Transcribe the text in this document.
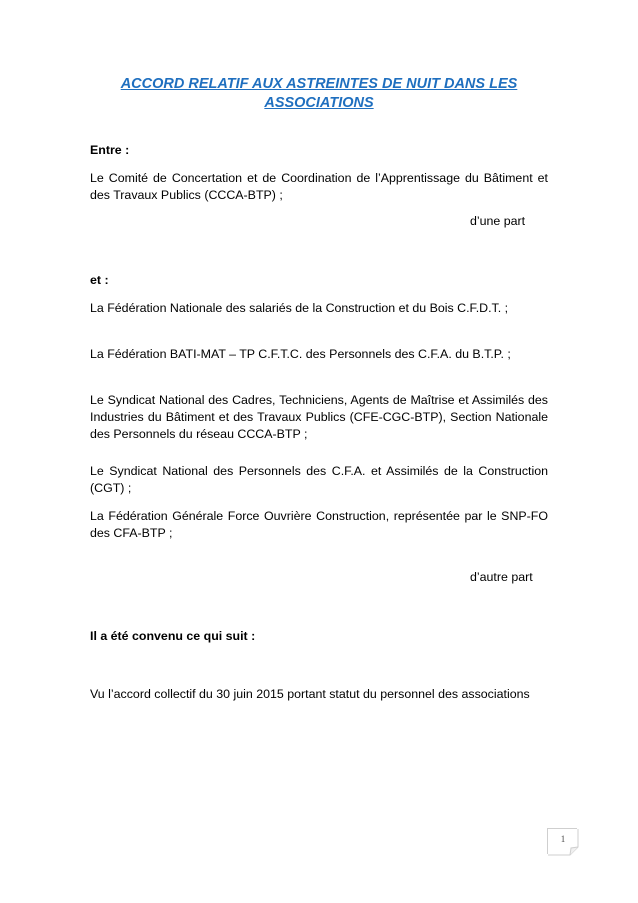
ACCORD RELATIF AUX ASTREINTES DE NUIT DANS LES ASSOCIATIONS
Entre :
Le Comité de Concertation et de Coordination de l’Apprentissage du Bâtiment et des Travaux Publics (CCCA-BTP) ;
d’une part
et :
La Fédération Nationale des salariés de la Construction et du Bois C.F.D.T. ;
La Fédération BATI-MAT – TP C.F.T.C. des Personnels des C.F.A. du B.T.P. ;
Le Syndicat National des Cadres, Techniciens, Agents de Maîtrise et Assimilés des Industries du Bâtiment et des Travaux Publics (CFE-CGC-BTP), Section Nationale des Personnels du réseau CCCA-BTP ;
Le Syndicat National des Personnels des C.F.A. et Assimilés de la Construction (CGT) ;
La Fédération Générale Force Ouvrière Construction, représentée par le SNP-FO des CFA-BTP ;
d’autre part
Il a été convenu ce qui suit :
Vu l’accord collectif du 30 juin 2015 portant statut du personnel des associations
1
